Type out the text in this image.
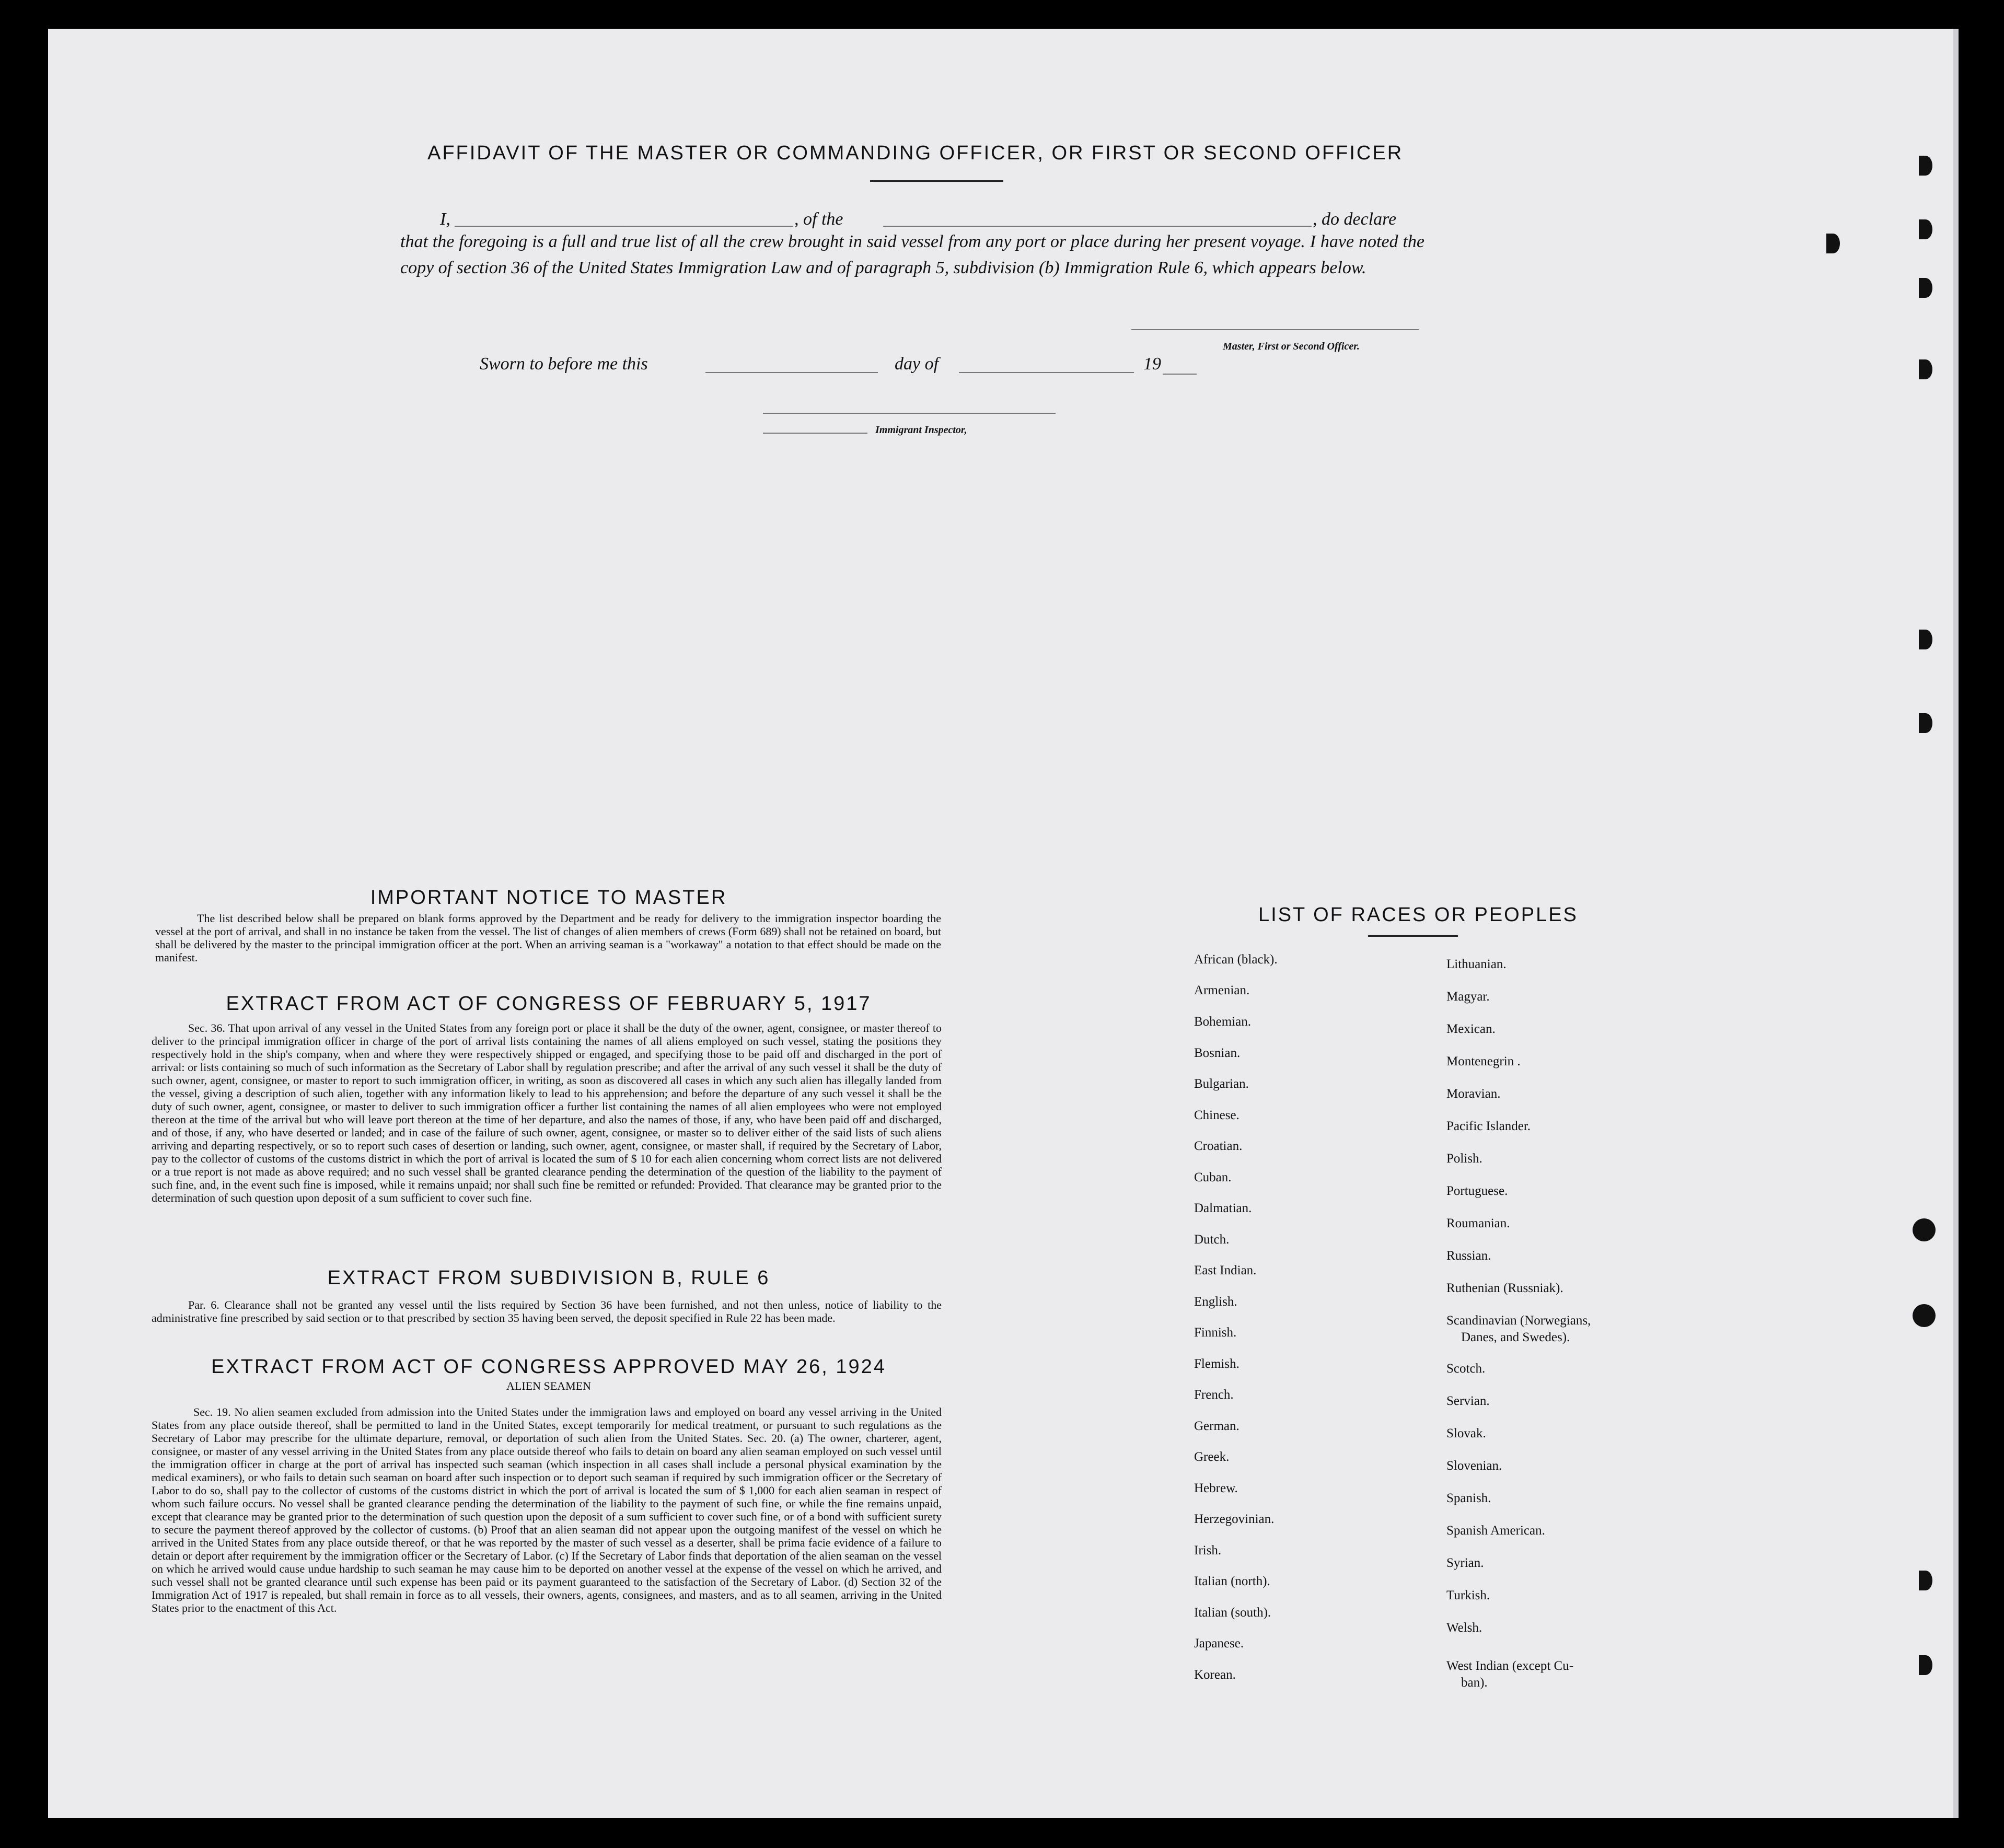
AFFIDAVIT OF THE MASTER OR COMMANDING OFFICER, OR FIRST OR SECOND OFFICER
I,	, of the	, do declare
that the foregoing is a full and true list of all the crew brought in said vessel from any port or place during her present voyage. I have noted the copy of section 36 of the United States Immigration Law and of paragraph 5, subdivision (b) Immigration Rule 6, which appears below.
Master, First or Second Officer.
Sworn to before me this	day of	19
Immigrant Inspector,
IMPORTANT NOTICE TO MASTER
The list described below shall be prepared on blank forms approved by the Department and be ready for delivery to the immigration inspector boarding the vessel at the port of arrival, and shall in no instance be taken from the vessel. The list of changes of alien members of crews (Form 689) shall not be retained on board, but shall be delivered by the master to the principal immigration officer at the port. When an arriving seaman is a "workaway" a notation to that effect should be made on the manifest.
EXTRACT FROM ACT OF CONGRESS OF FEBRUARY 5, 1917
Sec. 36. That upon arrival of any vessel in the United States from any foreign port or place it shall be the duty of the owner, agent, consignee, or master thereof to deliver to the principal immigration officer in charge of the port of arrival lists containing the names of all aliens employed on such vessel, stating the positions they respectively hold in the ship's company, when and where they were respectively shipped or engaged, and specifying those to be paid off and discharged in the port of arrival: or lists containing so much of such information as the Secretary of Labor shall by regulation prescribe; and after the arrival of any such vessel it shall be the duty of such owner, agent, consignee, or master to report to such immigration officer, in writing, as soon as discovered all cases in which any such alien has illegally landed from the vessel, giving a description of such alien, together with any information likely to lead to his apprehension; and before the departure of any such vessel it shall be the duty of such owner, agent, consignee, or master to deliver to such immigration officer a further list containing the names of all alien employees who were not employed thereon at the time of the arrival but who will leave port thereon at the time of her departure, and also the names of those, if any, who have been paid off and discharged, and of those, if any, who have deserted or landed; and in case of the failure of such owner, agent, consignee, or master so to deliver either of the said lists of such aliens arriving and departing respectively, or so to report such cases of desertion or landing, such owner, agent, consignee, or master shall, if required by the Secretary of Labor, pay to the collector of customs of the customs district in which the port of arrival is located the sum of $ 10 for each alien concerning whom correct lists are not delivered or a true report is not made as above required; and no such vessel shall be granted clearance pending the determination of the question of the liability to the payment of such fine, and, in the event such fine is imposed, while it remains unpaid; nor shall such fine be remitted or refunded: Provided. That clearance may be granted prior to the determination of such question upon deposit of a sum sufficient to cover such fine.
EXTRACT FROM SUBDIVISION B, RULE 6
Par. 6. Clearance shall not be granted any vessel until the lists required by Section 36 have been furnished, and not then unless, notice of liability to the administrative fine prescribed by said section or to that prescribed by section 35 having been served, the deposit specified in Rule 22 has been made.
EXTRACT FROM ACT OF CONGRESS APPROVED MAY 26, 1924
ALIEN SEAMEN
Sec. 19. No alien seamen excluded from admission into the United States under the immigration laws and employed on board any vessel arriving in the United States from any place outside thereof, shall be permitted to land in the United States, except temporarily for medical treatment, or pursuant to such regulations as the Secretary of Labor may prescribe for the ultimate departure, removal, or deportation of such alien from the United States. Sec. 20. (a) The owner, charterer, agent, consignee, or master of any vessel arriving in the United States from any place outside thereof who fails to detain on board any alien seaman employed on such vessel until the immigration officer in charge at the port of arrival has inspected such seaman (which inspection in all cases shall include a personal physical examination by the medical examiners), or who fails to detain such seaman on board after such inspection or to deport such seaman if required by such immigration officer or the Secretary of Labor to do so, shall pay to the collector of customs of the customs district in which the port of arrival is located the sum of $ 1,000 for each alien seaman in respect of whom such failure occurs. No vessel shall be granted clearance pending the determination of the liability to the payment of such fine, or while the fine remains unpaid, except that clearance may be granted prior to the determination of such question upon the deposit of a sum sufficient to cover such fine, or of a bond with sufficient surety to secure the payment thereof approved by the collector of customs. (b) Proof that an alien seaman did not appear upon the outgoing manifest of the vessel on which he arrived in the United States from any place outside thereof, or that he was reported by the master of such vessel as a deserter, shall be prima facie evidence of a failure to detain or deport after requirement by the immigration officer or the Secretary of Labor. (c) If the Secretary of Labor finds that deportation of the alien seaman on the vessel on which he arrived would cause undue hardship to such seaman he may cause him to be deported on another vessel at the expense of the vessel on which he arrived, and such vessel shall not be granted clearance until such expense has been paid or its payment guaranteed to the satisfaction of the Secretary of Labor. (d) Section 32 of the Immigration Act of 1917 is repealed, but shall remain in force as to all vessels, their owners, agents, consignees, and masters, and as to all seamen, arriving in the United States prior to the enactment of this Act.
LIST OF RACES OR PEOPLES
African (black).
Armenian.
Bohemian.
Bosnian.
Bulgarian.
Chinese.
Croatian.
Cuban.
Dalmatian.
Dutch.
East Indian.
English.
Finnish.
Flemish.
French.
German.
Greek.
Hebrew.
Herzegovinian.
Irish.
Italian (north).
Italian (south).
Japanese.
Korean.
Lithuanian.
Magyar.
Mexican.
Montenegrin .
Moravian.
Pacific Islander.
Polish.
Portuguese.
Roumanian.
Russian.
Ruthenian (Russniak).
Scandinavian (Norwegians,
Danes, and Swedes).
Scotch.
Servian.
Slovak.
Slovenian.
Spanish.
Spanish American.
Syrian.
Turkish.
Welsh.
West Indian (except Cu-
ban).
